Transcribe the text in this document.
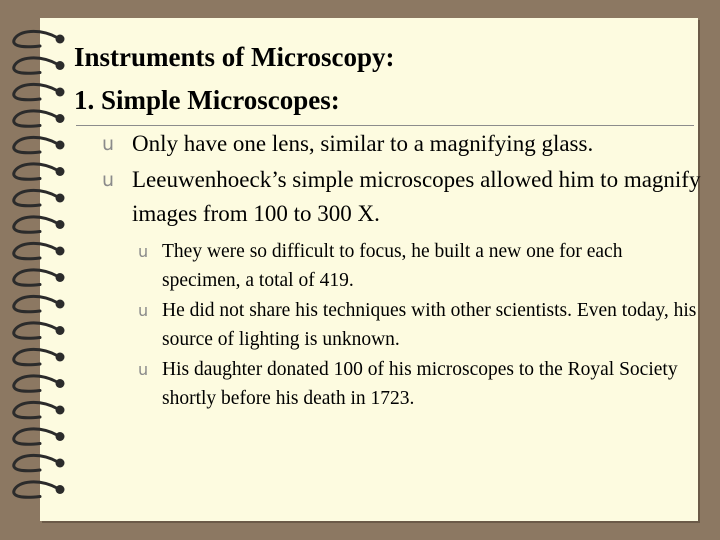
Instruments of Microscopy:
1. Simple Microscopes:
u Only have one lens, similar to a magnifying glass.
u Leeuwenhoeck’s simple microscopes allowed him to magnify images from 100 to 300 X.
u They were so difficult to focus, he built a new one for each specimen, a total of 419.
u He did not share his techniques with other scientists. Even today, his source of lighting is unknown.
u His daughter donated 100 of his microscopes to the Royal Society shortly before his death in 1723.
